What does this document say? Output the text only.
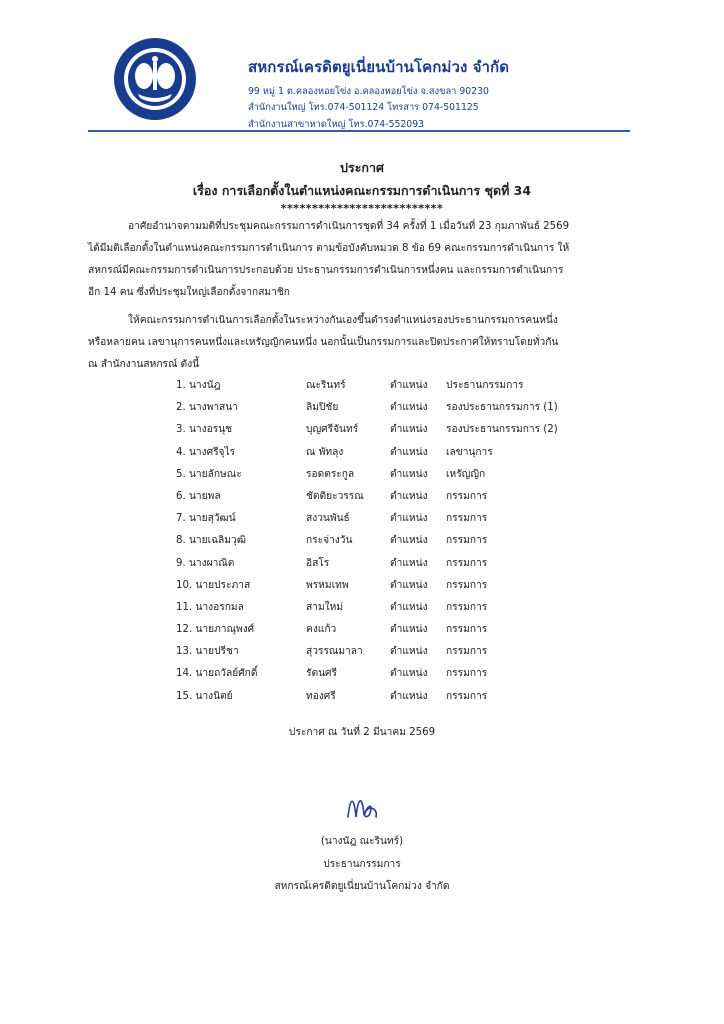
สหกรณ์เครดิตยูเนี่ยนบ้านโคกม่วง จำกัด
99 หมู่ 1 ต.คลองหอยโข่ง อ.คลองหอยโข่ง จ.สงขลา 90230
สำนักงานใหญ่ โทร.074-501124 โทรสาร 074-501125
สำนักงานสาขาหาดใหญ่ โทร.074-552093
ประกาศ
เรื่อง การเลือกตั้งในตำแหน่งคณะกรรมการดำเนินการ ชุดที่ 34
**************************
อาศัยอำนาจตามมติที่ประชุมคณะกรรมการดำเนินการชุดที่ 34 ครั้งที่ 1 เมื่อวันที่ 23 กุมภาพันธ์ 2569
ได้มีมติเลือกตั้งในตำแหน่งคณะกรรมการดำเนินการ ตามข้อบังคับหมวด 8 ข้อ 69 คณะกรรมการดำเนินการ ให้
สหกรณ์มีคณะกรรมการดำเนินการประกอบด้วย ประธานกรรมการดำเนินการหนึ่งคน และกรรมการดำเนินการ
อีก 14 คน ซึ่งที่ประชุมใหญ่เลือกตั้งจากสมาชิก
ให้คณะกรรมการดำเนินการเลือกตั้งในระหว่างกันเองขึ้นดำรงตำแหน่งรองประธานกรรมการคนหนึ่ง
หรือหลายคน เลขานุการคนหนึ่งและเหรัญญิกคนหนึ่ง นอกนั้นเป็นกรรมการและปิดประกาศให้ทราบโดยทั่วกัน
ณ สำนักงานสหกรณ์ ดังนี้
1. นางนัฎ	ณะรินทร์	ตำแหน่ง ประธานกรรมการ
2. นางพาสนา	ลิมปิชัย	ตำแหน่ง รองประธานกรรมการ (1)
3. นางอรนุช	บุญศรีจันทร์	ตำแหน่ง รองประธานกรรมการ (2)
4. นางศรีจุไร	ณ พัทลุง	ตำแหน่ง เลขานุการ
5. นายลักษณะ	รอดตระกูล	ตำแหน่ง เหรัญญิก
6. นายพล	ชัตติยะวรรณ	ตำแหน่ง กรรมการ
7. นายสุวัฒน์	สงวนพันธ์	ตำแหน่ง กรรมการ
8. นายเฉลิมวุฒิ	กระจ่างวัน	ตำแหน่ง กรรมการ
9. นางผาณิต	อิสโร	ตำแหน่ง กรรมการ
10. นายประภาส	พรหมเทพ	ตำแหน่ง กรรมการ
11. นางอรกมล	สามใหม่	ตำแหน่ง กรรมการ
12. นายภาณุพงศ์	คงแก้ว	ตำแหน่ง กรรมการ
13. นายปรีชา	สุวรรณมาลา	ตำแหน่ง กรรมการ
14. นายถวัลย์ศักดิ์	รัตนศรี	ตำแหน่ง กรรมการ
15. นางนิตย์	ทองศรี	ตำแหน่ง กรรมการ
ประกาศ ณ วันที่ 2 มีนาคม 2569
(นางนัฎ ณะรินทร์)
ประธานกรรมการ
สหกรณ์เครดิตยูเนี่ยนบ้านโคกม่วง จำกัด
